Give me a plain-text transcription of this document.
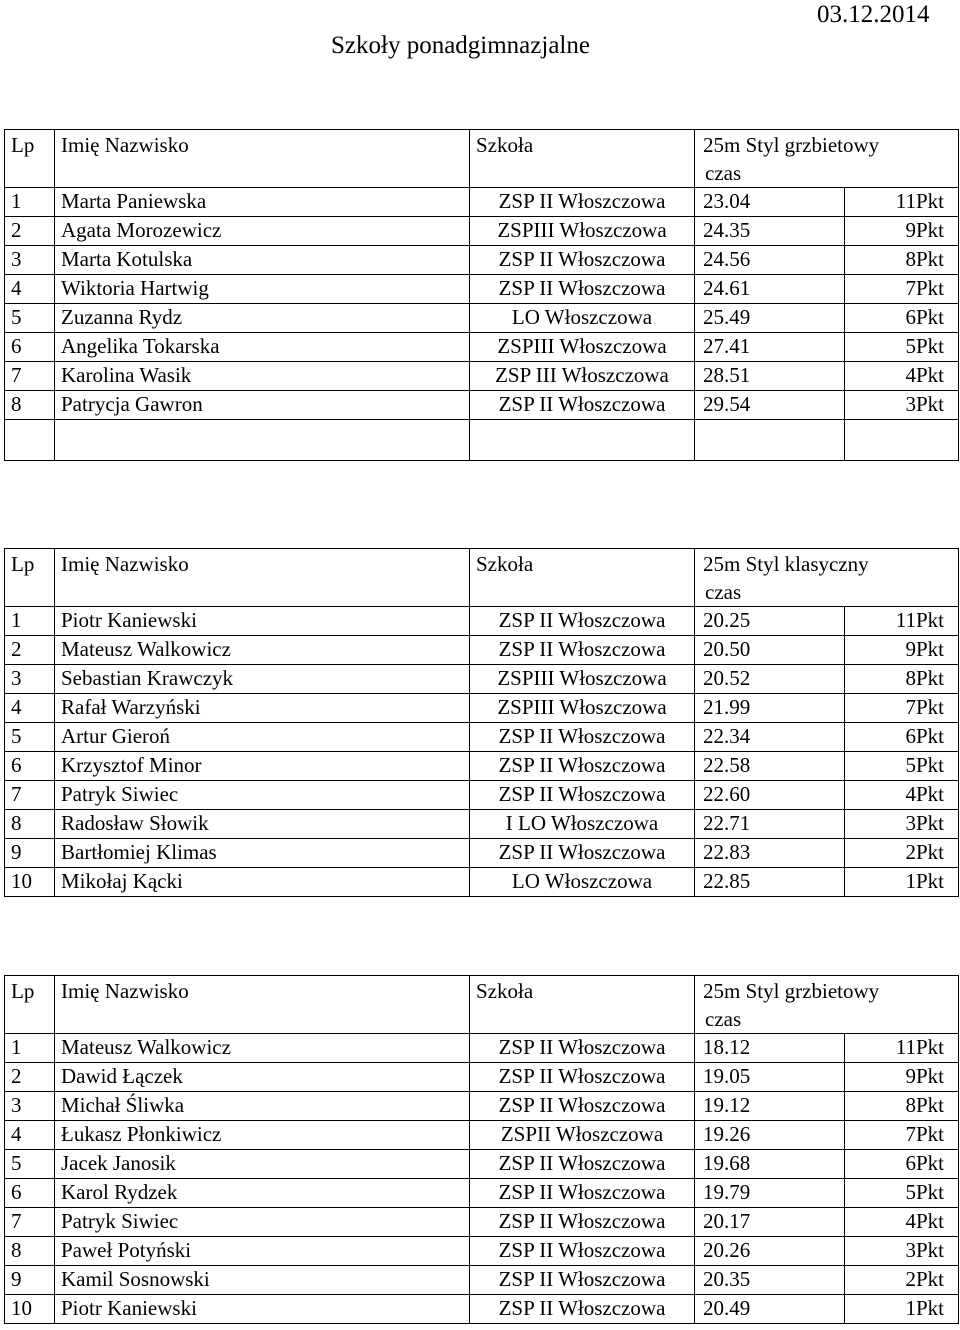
03.12.2014
Szkoły ponadgimnazjalne
Lp	Imię Nazwisko	Szkoła	25m Styl grzbietowy
czas	

1	Marta Paniewska	ZSP II Włoszczowa	23.04	11Pkt
2	Agata Morozewicz	ZSPIII Włoszczowa	24.35	9Pkt
3	Marta Kotulska	ZSP II Włoszczowa	24.56	8Pkt
4	Wiktoria Hartwig	ZSP II Włoszczowa	24.61	7Pkt
5	Zuzanna Rydz	LO Włoszczowa	25.49	6Pkt
6	Angelika Tokarska	ZSPIII Włoszczowa	27.41	5Pkt
7	Karolina Wasik	ZSP III Włoszczowa	28.51	4Pkt
8	Patrycja Gawron	ZSP II Włoszczowa	29.54	3Pkt

Lp	Imię Nazwisko	Szkoła	25m Styl klasyczny
czas	

1	Piotr Kaniewski	ZSP II Włoszczowa	20.25	11Pkt
2	Mateusz Walkowicz	ZSP II Włoszczowa	20.50	9Pkt
3	Sebastian Krawczyk	ZSPIII Włoszczowa	20.52	8Pkt
4	Rafał Warzyński	ZSPIII Włoszczowa	21.99	7Pkt
5	Artur Gieroń	ZSP II Włoszczowa	22.34	6Pkt
6	Krzysztof Minor	ZSP II Włoszczowa	22.58	5Pkt
7	Patryk Siwiec	ZSP II Włoszczowa	22.60	4Pkt
8	Radosław Słowik	I LO Włoszczowa	22.71	3Pkt
9	Bartłomiej Klimas	ZSP II Włoszczowa	22.83	2Pkt
10	Mikołaj Kącki	LO Włoszczowa	22.85	1Pkt
Lp	Imię Nazwisko	Szkoła	25m Styl grzbietowy
czas	

1	Mateusz Walkowicz	ZSP II Włoszczowa	18.12	11Pkt
2	Dawid Łączek	ZSP II Włoszczowa	19.05	9Pkt
3	Michał Śliwka	ZSP II Włoszczowa	19.12	8Pkt
4	Łukasz Płonkiwicz	ZSPII Włoszczowa	19.26	7Pkt
5	Jacek Janosik	ZSP II Włoszczowa	19.68	6Pkt
6	Karol Rydzek	ZSP II Włoszczowa	19.79	5Pkt
7	Patryk Siwiec	ZSP II Włoszczowa	20.17	4Pkt
8	Paweł Potyński	ZSP II Włoszczowa	20.26	3Pkt
9	Kamil Sosnowski	ZSP II Włoszczowa	20.35	2Pkt
10	Piotr Kaniewski	ZSP II Włoszczowa	20.49	1Pkt
